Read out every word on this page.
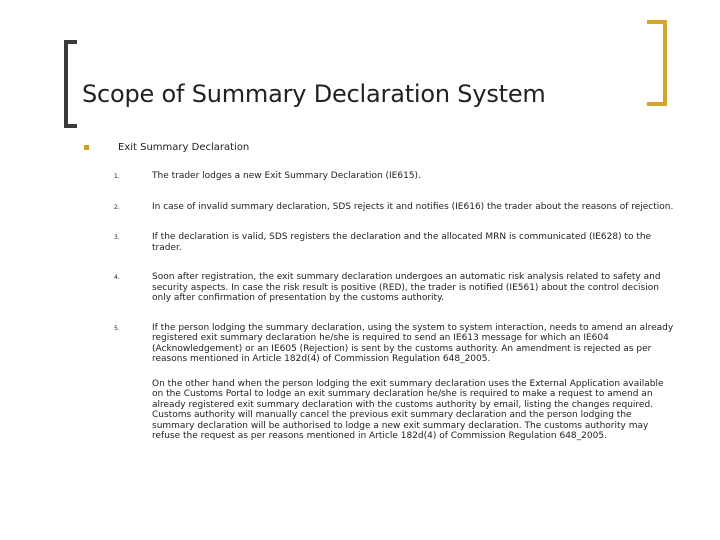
Scope of Summary Declaration System
Exit Summary Declaration
1.	The trader lodges a new Exit Summary Declaration (IE615).
2.	In case of invalid summary declaration, SDS rejects it and notifies (IE616) the trader about the reasons of rejection.
3.	If the declaration is valid, SDS registers the declaration and the allocated MRN is communicated (IE628) to the trader.
4.	Soon after registration, the exit summary declaration undergoes an automatic risk analysis related to safety and security aspects. In case the risk result is positive (RED), the trader is notified (IE561) about the control decision only after confirmation of presentation by the customs authority.
5.	If the person lodging the summary declaration, using the system to system interaction, needs to amend an already registered exit summary declaration he/she is required to send an IE613 message for which an IE604 (Acknowledgement) or an IE605 (Rejection) is sent by the customs authority. An amendment is rejected as per reasons mentioned in Article 182d(4) of Commission Regulation 648_2005.
On the other hand when the person lodging the exit summary declaration uses the External Application available on the Customs Portal to lodge an exit summary declaration he/she is required to make a request to amend an already registered exit summary declaration with the customs authority by email, listing the changes required. Customs authority will manually cancel the previous exit summary declaration and the person lodging the summary declaration will be authorised to lodge a new exit summary declaration. The customs authority may refuse the request as per reasons mentioned in Article 182d(4) of Commission Regulation 648_2005.
